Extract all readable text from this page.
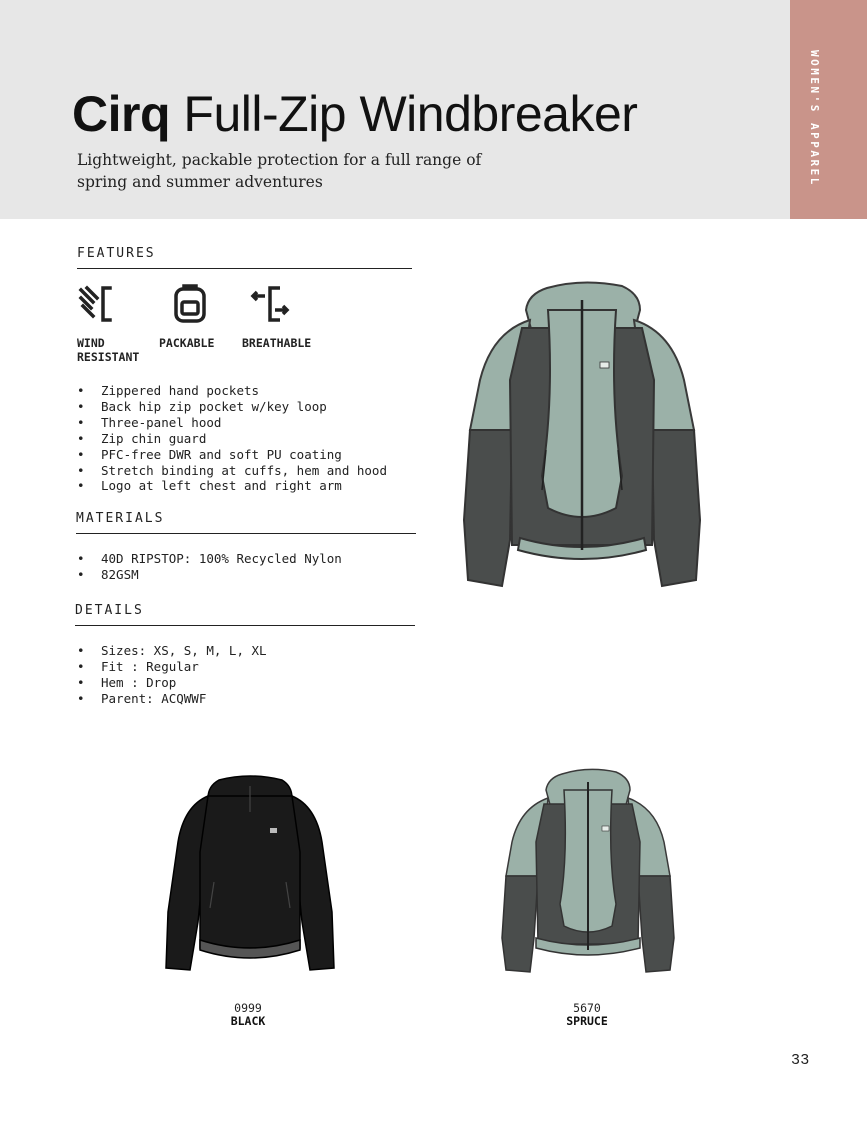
WOMEN'S APPAREL
Cirq Full-Zip Windbreaker
Lightweight, packable protection for a full range of spring and summer adventures
FEATURES
WIND
RESISTANT
PACKABLE	BREATHABLE
• Zippered hand pockets
• Back hip zip pocket w/key loop
• Three-panel hood
• Zip chin guard
• PFC-free DWR and soft PU coating
• Stretch binding at cuffs, hem and hood
• Logo at left chest and right arm
MATERIALS
• 40D RIPSTOP: 100% Recycled Nylon
• 82GSM
DETAILS
• Sizes: XS, S, M, L, XL
• Fit : Regular
• Hem : Drop
• Parent: ACQWWF
0999
BLACK
5670
SPRUCE
33
